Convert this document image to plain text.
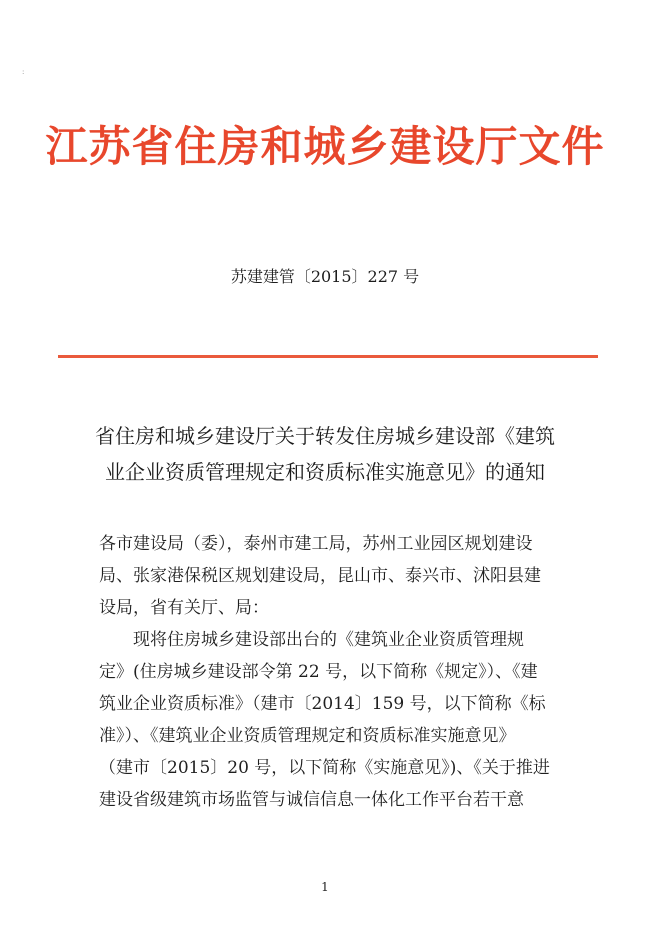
:
江苏省住房和城乡建设厅文件
苏建建管〔2015〕227 号
省住房和城乡建设厅关于转发住房城乡建设部《建筑
业企业资质管理规定和资质标准实施意见》的通知
各市建设局（委），泰州市建工局，苏州工业园区规划建设
局、张家港保税区规划建设局，昆山市、泰兴市、沭阳县建
设局，省有关厅、局：
现将住房城乡建设部出台的《建筑业企业资质管理规
定》(住房城乡建设部令第 22 号，以下简称《规定》）、《建
筑业企业资质标准》（建市〔2014〕159 号，以下简称《标
准》）、《建筑业企业资质管理规定和资质标准实施意见》
（建市〔2015〕20 号，以下简称《实施意见》)、《关于推进
建设省级建筑市场监管与诚信信息一体化工作平台若干意
1
